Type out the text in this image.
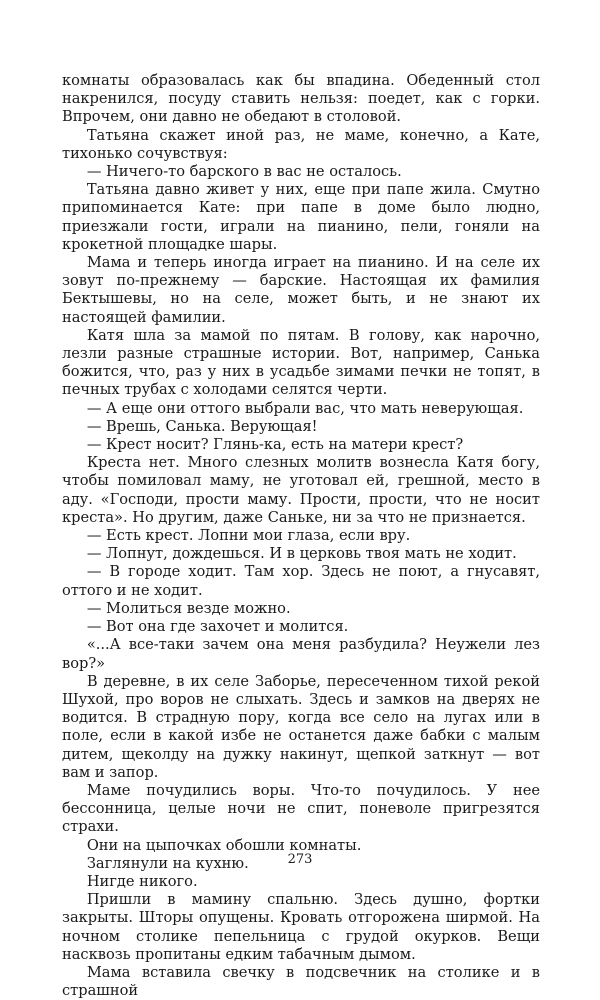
комнаты образовалась как бы впадина. Обеденный стол накренился, посуду ставить нельзя: поедет, как с горки. Впрочем, они давно не обедают в столовой.

Татьяна скажет иной раз, не маме, конечно, а Кате, тихонько сочувствуя:

— Ничего-то барского в вас не осталось.

Татьяна давно живет у них, еще при папе жила. Смутно припоминается Кате: при папе в доме было людно, приезжали гости, играли на пианино, пели, гоняли на крокетной площадке шары.

Мама и теперь иногда играет на пианино. И на селе их зовут по-прежнему — барские. Настоящая их фамилия Бектышевы, но на селе, может быть, и не знают их настоящей фамилии.

Катя шла за мамой по пятам. В голову, как нарочно, лезли разные страшные истории. Вот, например, Санька божится, что, раз у них в усадьбе зимами печки не топят, в печных трубах с холодами селятся черти.

— А еще они оттого выбрали вас, что мать неверующая.

— Врешь, Санька. Верующая!

— Крест носит? Глянь-ка, есть на матери крест?

Креста нет. Много слезных молитв вознесла Катя богу, чтобы помиловал маму, не уготовал ей, грешной, место в аду. «Господи, прости маму. Прости, прости, что не носит креста». Но другим, даже Саньке, ни за что не признается.

— Есть крест. Лопни мои глаза, если вру.

— Лопнут, дождешься. И в церковь твоя мать не ходит.

— В городе ходит. Там хор. Здесь не поют, а гнусавят, оттого и не ходит.

— Молиться везде можно.

— Вот она где захочет и молится.

«...А все-таки зачем она меня разбудила? Неужели лез вор?»

В деревне, в их селе Заборье, пересеченном тихой рекой Шухой, про воров не слыхать. Здесь и замков на дверях не водится. В страдную пору, когда все село на лугах или в поле, если в какой избе не останется даже бабки с малым дитем, щеколду на дужку накинут, щепкой заткнут — вот вам и запор.

Маме почудились воры. Что-то почудилось. У нее бессонница, целые ночи не спит, поневоле пригрезятся страхи.

Они на цыпочках обошли комнаты.

Заглянули на кухню.

Нигде никого.

Пришли в мамину спальню. Здесь душно, фортки закрыты. Шторы опущены. Кровать отгорожена ширмой. На ночном столике пепельница с грудой окурков. Вещи насквозь пропитаны едким табачным дымом.

Мама вставила свечку в подсвечник на столике и в страшной

273
